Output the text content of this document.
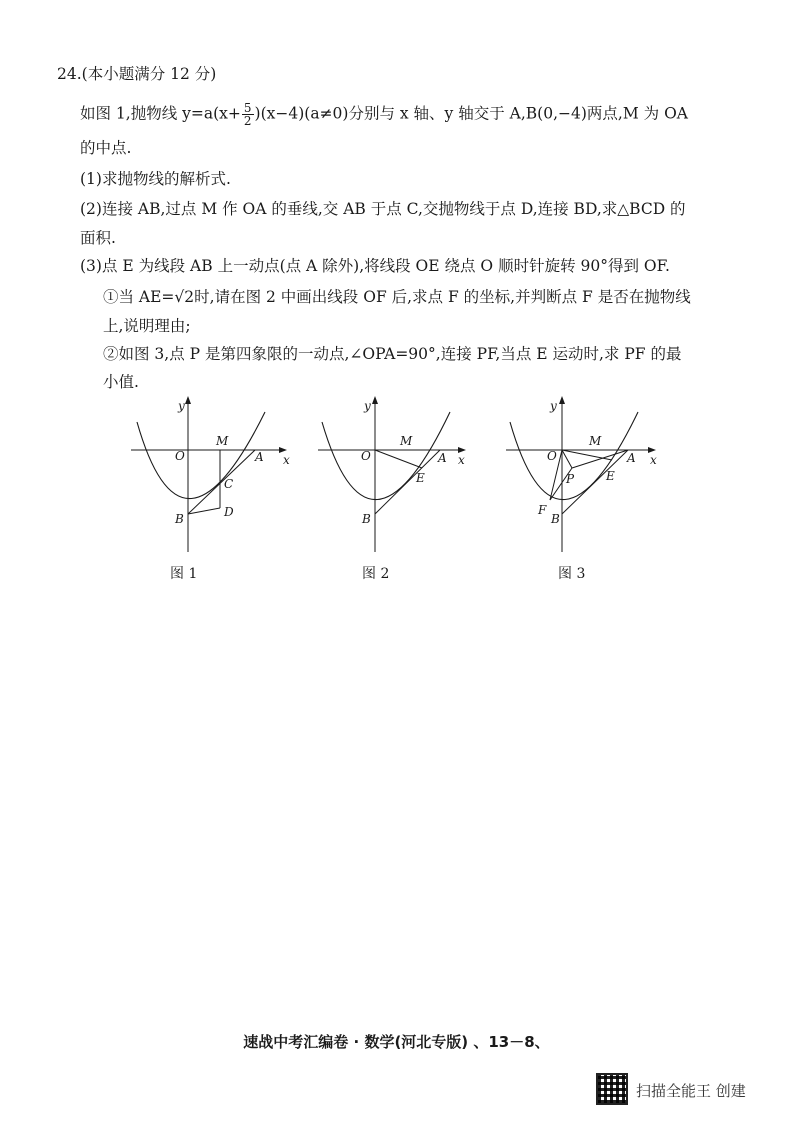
24.(本小题满分 12 分)
如图 1,抛物线 $y=a(x+ \frac{5}{2} )(x-4)(a\ne 0)$分别与 x 轴、y 轴交于 A,B(0,−4)两点,M 为 OA
的中点.
(1)求抛物线的解析式.
(2)连接 AB,过点 M 作 OA 的垂线,交 AB 于点 C,交抛物线于点 D,连接 BD,求△BCD 的
面积.
(3)点 E 为线段 AB 上一动点(点 A 除外),将线段 OE 绕点 O 顺时针旋转 90°得到 OF.
①当 AE=√2时,请在图 2 中画出线段 OF 后,求点 F 的坐标,并判断点 F 是否在抛物线
上,说明理由;
②如图 3,点 P 是第四象限的一动点,∠OPA=90°,连接 PF,当点 E 运动时,求 PF 的最
小值.
y
x
O
M
A
C
B	D
图 1
y
x
O
M
A
E
B
图 2
y
x
O
M
A
P	E
F
B
图 3
速战中考汇编卷 · 数学(河北专版) 、13－8、
扫描全能王 创建
